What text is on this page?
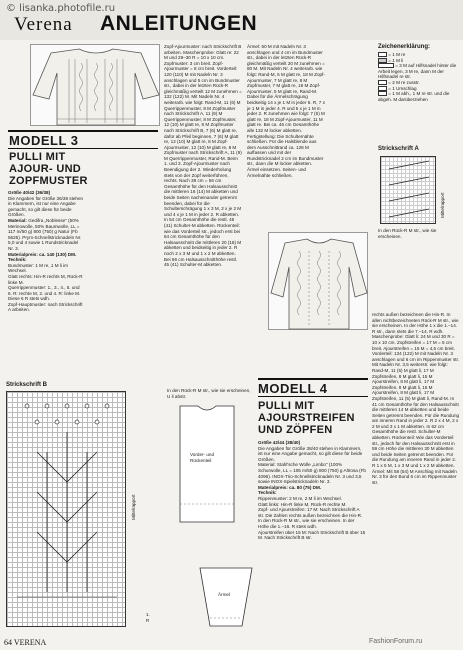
© lisanka.photofile.ru
Verena ANLEITUNGEN
MODELL 3
PULLI MIT
AJOUR- UND
ZOPFMUSTER
Größe 40/42 (36/38)
Die Angaben für Größe 36/38 stehen in Klammern, ist nur eine Angabe gemacht, so gilt diese für beide Größen.
Material: Gedifra „Noblesse" (50% Merinowolle, 50% Baumwolle, LL = 117 m/50 g) 800 (750) g Natur (Fb 5625). Prym-Schnellstricknadeln Nr. 5,0 und 4 sowie 1 Rundstricknadel Nr. 3.
Materialpreis: ca. 140 (130) DM.
Technik:
Bundmuster: 1 M re, 1 M li im Wechsel.
Glatt rechts: Hin-R rechts M, Rück-R linke M.
Querrippenmuster: 1., 3., 4., 5. und 6. R: rechte M, 2. und 4. R: linke M. Diese 6 R stets wdh.
Zopf-Hauptmuster: nach Strickschrift A arbeiten.
Zopf-Ajourmuster: nach Strickschrift B arbeiten. Maschenprobe: Glatt re: 22 M und 29–30 R = 10 x 10 cm. Zopfmuster: 3 cm breit. Zopf-Ajourmuster = 8 cm breit. Vorderteil: 120 (110) M mit Nadeln Nr. 3 anschlagen und 5 cm im Bundmuster str., dabei in der letzten Rück-R gleichmäßig verteilt 12 M zunehmen = 132 (122) M. Mit Nadeln Nr. 4 weiterarb. wie folgt: Rand-M, 11 (6) M Querrippenmuster, 8 M Zopfmuster nach Strickschrift A, 11 (9) M Querrippenmuster, 8 M Zopfmuster, 12 (10) M glatt re, 8 M Zopfmuster nach Strickschrift B, 7 (6) M glatt re, dafür ab Pfeil beginnen, 7 (6) M glatt re, 12 (10) M glatt re, 8 M Zopf-Ajourmuster, 12 (10) M glatt re, 8 M Zopfmuster nach Strickschrift A, 11 (9) M Querrippenmuster, Rand-M. Beim 1. und 3. Zopf-Ajourmuster nach Beendigung der 2. Wiederholung stets von der Zopf weiterführen, rechts. Nach 38 cm = 56 cm Gesamthöhe für den Halsausschnitt die mittleren 16 (14) M abketten und beide Seiten nacheinander getrennt beenden, dabei für die Schulterschrägung 1 x 3 M, 2 x je 2 M und 4 x je 1 M in jeder 2. R abketten. In 54 cm Gesamthöhe die restl. 45 (41) Schulter-M abketten. Rückenteil: wie das Vorderteil str., jedoch erst bei 64 cm Gesamthöhe für den Halsausschnitt die mittleren 20 (18) M abketten und beidseitig in jeder 2. R noch 2 x 3 M und 1 x 2 M abketten. Bei 66 cm Halsausschnitthöhe restl. 45 (41) Schulter-M abketten.
Ärmel: 60 M mit Nadeln Nr. 3 anschlagen und 4 cm im Bundmuster str., dabei in der letzten Rück-R gleichmäßig verteilt 20 M zunehmen = 80 M. Mit Nadeln Nr. 4 weiterarb. wie folgt: Rand-M, 5 M glatt re, 18 M Zopf-Ajourmuster, 7 M glatt re, 8 M Zopfmuster, 7 M glatt re, 18 M Zopf-Ajourmuster, 5 M glatt re, Rand-M. Dabei für die Ärmelschrägung beidseitig 14 x je 1 M in jeder 6. R, 7 x je 1 M in jeder 4. R und 5 x je 1 M in jeder 2. R zunehmen wie folgt: 7 (6) M glatt re, 18 M Zopf-Ajourmuster, 11 M glatt re. Bei ca. 46 cm Gesamthöhe alle 132 M locker abketten. Fertigstellung: Die Schulternähte schließen. Für die Halsblende aus dem Ausschnittrand ca. 128 M auffassen und mit der Rundstricknadel 2 cm im Bundmuster str., dann die M locker abketten. Ärmel einsetzen. Seiten- und Ärmelnähte schließen.
Zeichenerklärung:
= 1 M re
= 1 M li
= 3 M auf Hilfsnadel hinter die Arbeit legen, 3 M re, dann M der Hilfsnadel re str.
= 2 M re zusstr.
= 1 Umschlag
= 1 M abh., 1 M re str. und die abgeh. M darüberziehen
Strickschrift A
Mittelrapport
In den Rück-R M str., wie sie erscheinen.
rechts außen bezeichnen die Hin-R. In allen nichtbezeichneten Rück-R M str., wie sie erscheinen. In der Höhe 1 x die 1.–14. R str., dann stets die 7.–14. R wdh. Maschenprobe: Glatt li: 24 M und 30 R = 10 x 10 cm. Zopfstreifen = 17 M = 5 cm breit. Ajourstreifen = 15 M = 4,5 cm breit. Vorderteil: 134 (122) M mit Nadeln Nr. 3 anschlagen und 6 cm im Rippenmuster str. Mit Nadeln Nr. 3,5 weiterstr. wie folgt: Rand-M, 11 (5) M glatt li, 17 M Zopfstreifen, 8 M glatt li, 15 M Ajourstreifen, 8 M glatt li, 17 M Zopfstreifen, 8 M glatt li, 15 M Ajourstreifen, 8 M glatt li, 17 M Zopfstreifen, 11 (5) M glatt li, Rand-M. In 41 cm Gesamthöhe für den Halsausschnitt die mittleren 14 M abketten und beide Seiten getrennt beenden. Für die Rundung am inneren Rand in jeder 2. R 2 x 4 M, 2 x 2 M und 3 x 1 M abketten. In 62 cm Gesamthöhe die restl. Schulter-M abketten. Rückenteil: Wie das Vorderteil str., jedoch für den Halsausschnitt erst in 59 cm Höhe die mittleren 30 M abketten und beide Seiten getrennt beenden. Für die Rundung am inneren Rand in jeder 2. R 1 x 5 M, 1 x 3 M und 1 x 2 M abketten. Ärmel: Mit 58 (54) M Anschlag mit Nadeln Nr. 3 für den Bund 6 cm im Rippenmuster str.
Strickschrift B
Mittelrapport
1.
R
In den Rück-R M str., wie sie erscheinen, U li abstr.
Vorder- und Rückenteil
Ärmel
MODELL 4
PULLI MIT
AJOURSTREIFEN
UND ZÖPFEN
Größe 42/44 (38/40)
Die Angaben für Größe 38/40 stehen in Klammern, ist nur eine Angabe gemacht, so gilt diese für beide Größen.
Material: Stahl'sche Wolle „Limbo" (100% Schurwolle, LL = 105 m/50 g) 800 (750) g Altrosa (Fb 4096). INOX-Trio-Schnellstricknadeln Nr. 3 und 3,5 sowie INOX-Spielstricknadeln Nr. 3.
Materialpreis: ca. 80 (75) DM.
Technik:
Rippenmuster: 2 M re, 2 M li im Wechsel.
Glatt links: Hin-R linke M, Rück-R rechte M.
Zopf- und Ajourstreifen: 17 M: Nach Strickschrift A str. Die Zahlen rechts außen bezeichnen die Hin-R. In den Rück-R M str., wie sie erscheinen. In der Höhe die 1.–16. R stets wdh.
Ajourstreifen über 15 M: Nach Strickschrift B über 15 M. Nach Strickschrift B str.
64 VERENA	FashionForum.ru
